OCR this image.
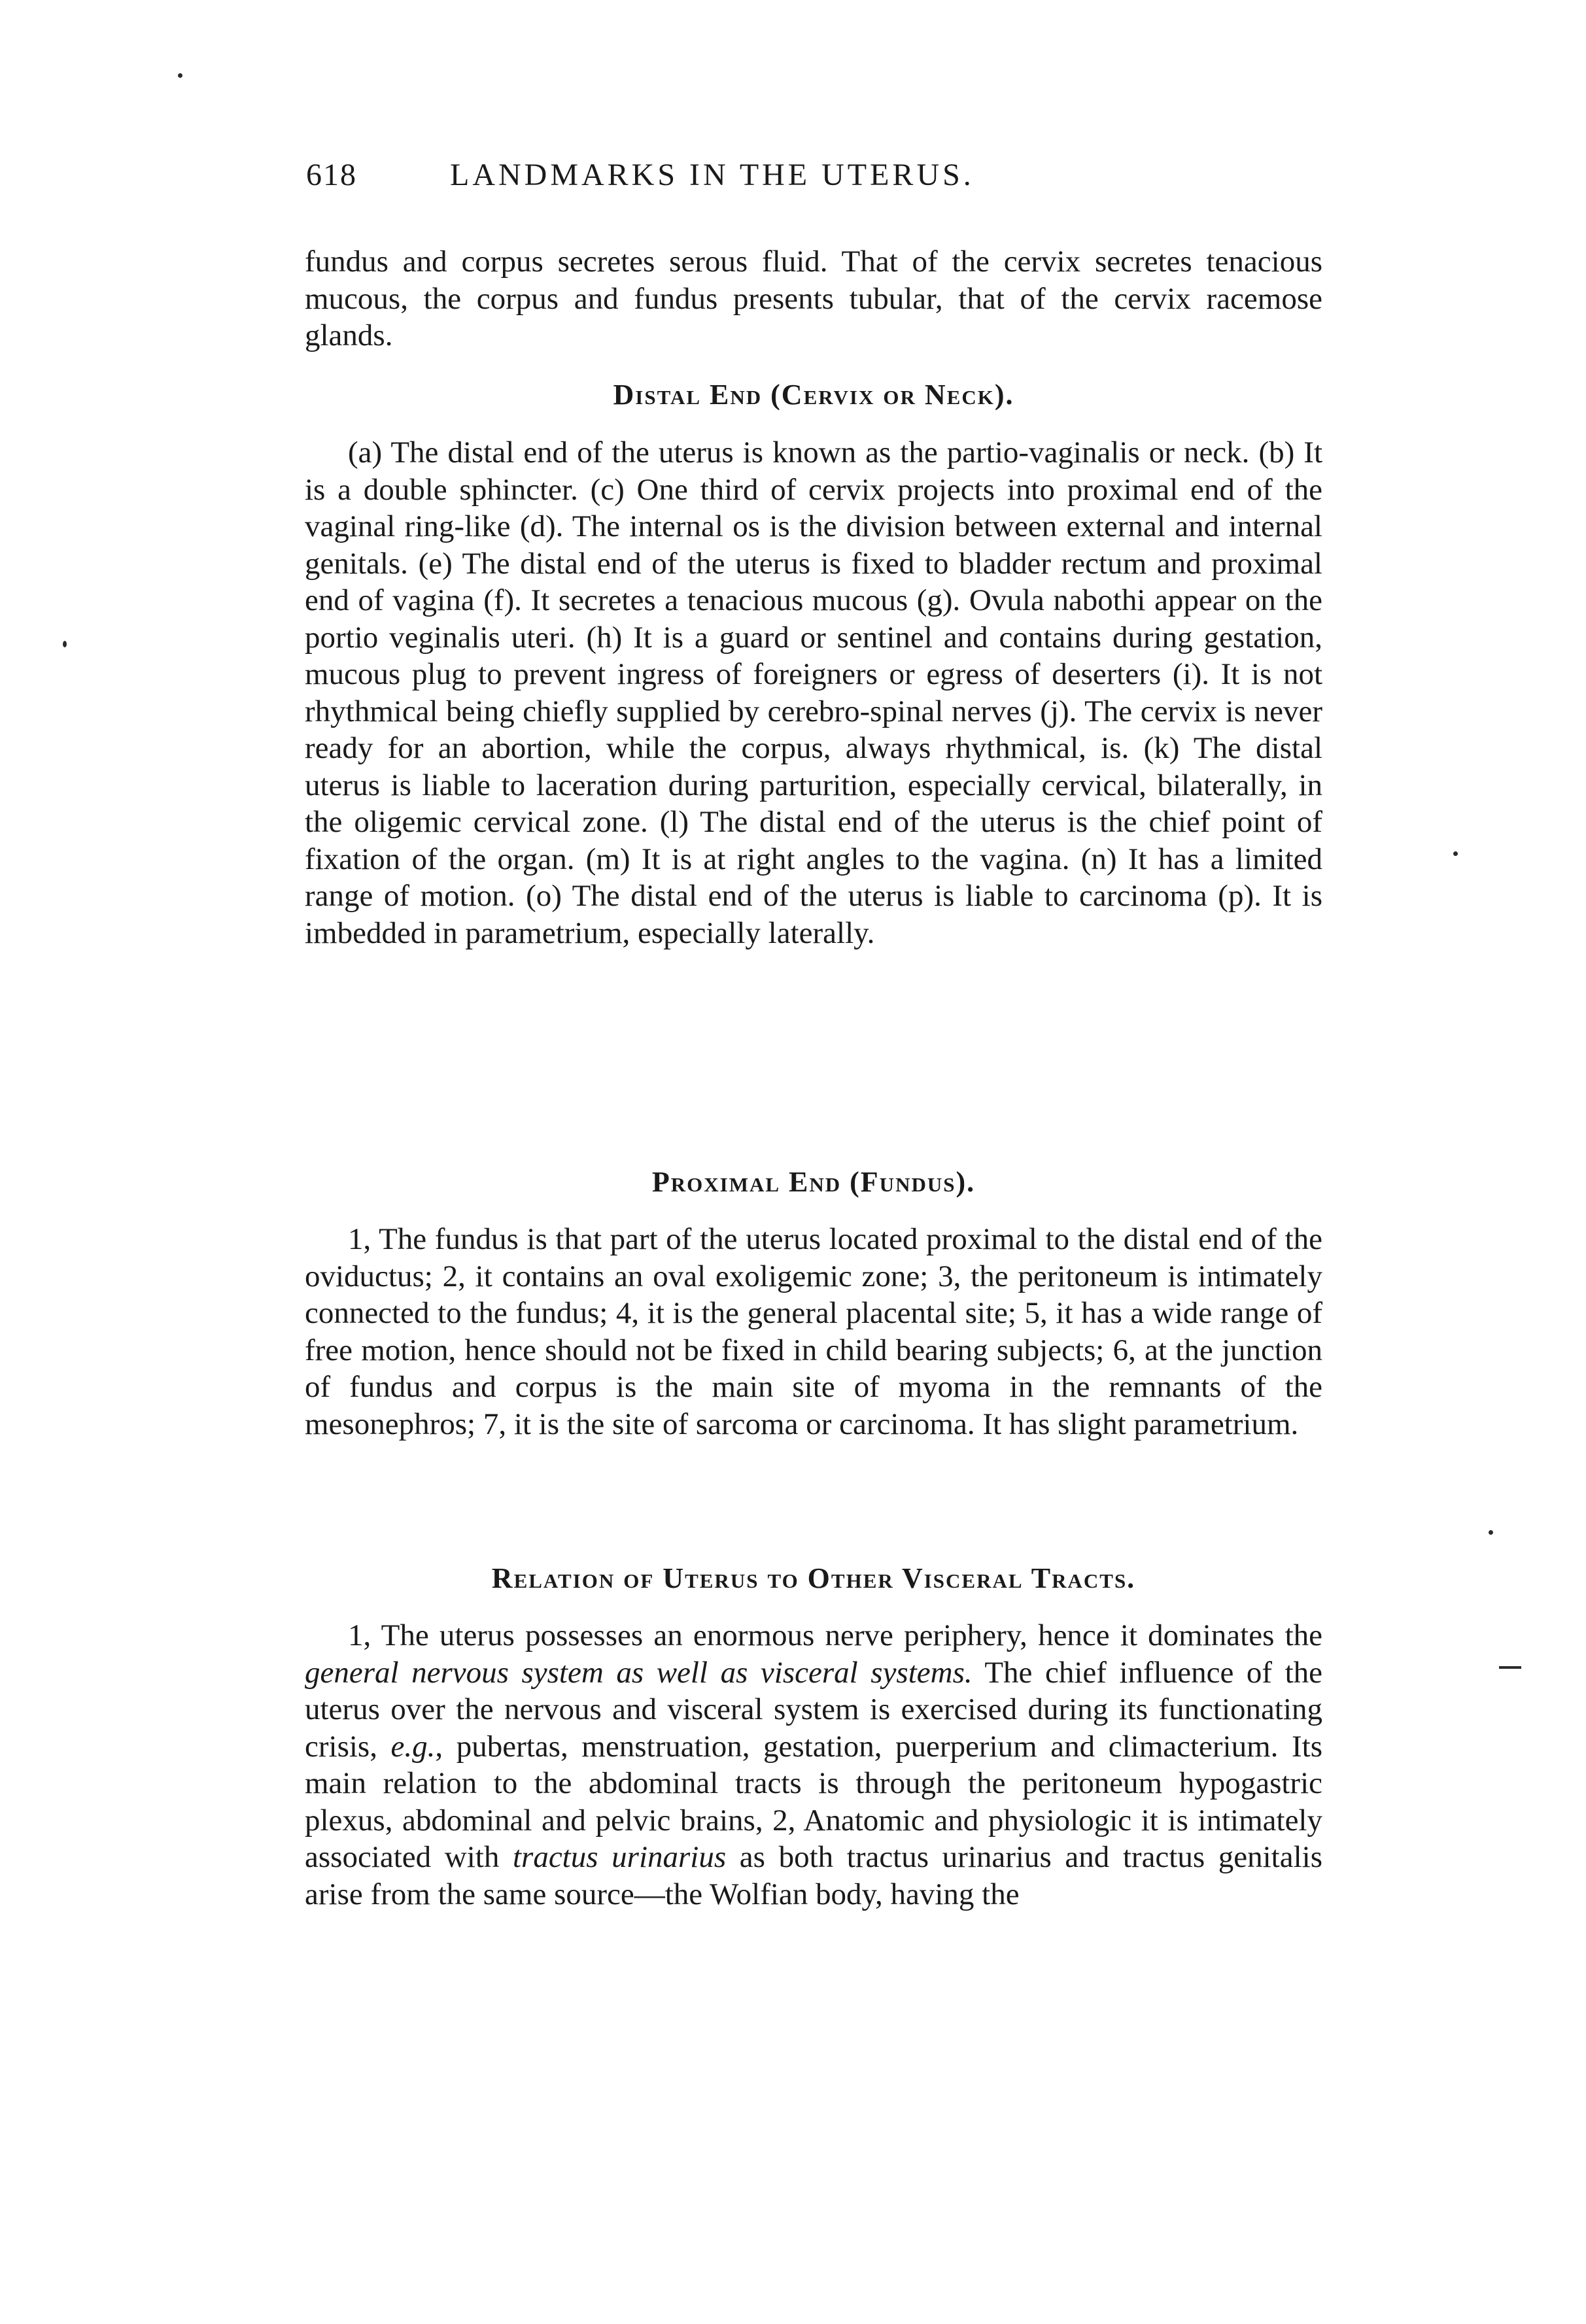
618	LANDMARKS IN THE UTERUS.

fundus and corpus secretes serous fluid. That of the cervix secretes tenacious mucous, the corpus and fundus presents tubular, that of the cervix racemose glands.

Distal End (Cervix or Neck).

(a) The distal end of the uterus is known as the partio-vaginalis or neck. (b) It is a double sphincter. (c) One third of cervix projects into proximal end of the vaginal ring-like (d). The internal os is the division between external and internal genitals. (e) The distal end of the uterus is fixed to bladder rectum and proximal end of vagina (f). It secretes a tenacious mucous (g). Ovula nabothi appear on the portio veginalis uteri. (h) It is a guard or sentinel and contains during gestation, mucous plug to prevent ingress of foreigners or egress of deserters (i). It is not rhythmical being chiefly supplied by cerebro-spinal nerves (j). The cervix is never ready for an abortion, while the corpus, always rhythmical, is. (k) The distal uterus is liable to laceration during parturition, especially cervical, bilaterally, in the oligemic cervical zone. (l) The distal end of the uterus is the chief point of fixation of the organ. (m) It is at right angles to the vagina. (n) It has a limited range of motion. (o) The distal end of the uterus is liable to carcinoma (p). It is imbedded in parametrium, especially laterally.

Proximal End (Fundus).

1, The fundus is that part of the uterus located proximal to the distal end of the oviductus; 2, it contains an oval exoligemic zone; 3, the peritoneum is intimately connected to the fundus; 4, it is the general placental site; 5, it has a wide range of free motion, hence should not be fixed in child bearing subjects; 6, at the junction of fundus and corpus is the main site of myoma in the remnants of the mesonephros; 7, it is the site of sarcoma or carcinoma. It has slight parametrium.

Relation of Uterus to Other Visceral Tracts.

1, The uterus possesses an enormous nerve periphery, hence it dominates the general nervous system as well as visceral systems. The chief influence of the uterus over the nervous and visceral system is exercised during its functionating crisis, e.g., pubertas, menstruation, gestation, puerperium and climacterium. Its main relation to the abdominal tracts is through the peritoneum hypogastric plexus, abdominal and pelvic brains, 2, Anatomic and physiologic it is intimately associated with tractus urinarius as both tractus urinarius and tractus genitalis arise from the same source—the Wolfian body, having the
